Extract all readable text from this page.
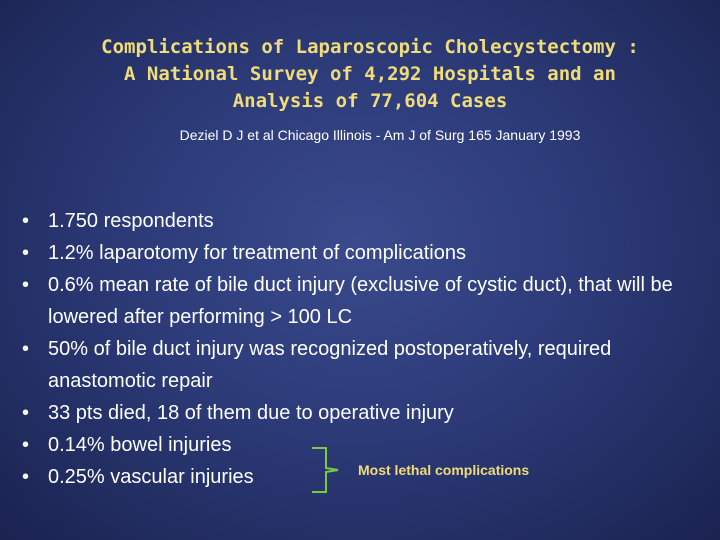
Complications of Laparoscopic Cholecystectomy :
A National Survey of 4,292 Hospitals and an
Analysis of 77,604 Cases
Deziel D J et al Chicago Illinois - Am J of Surg 165 January 1993
• 1.750 respondents
• 1.2% laparotomy for treatment of complications
• 0.6% mean rate of bile duct injury (exclusive of cystic duct), that will be lowered after performing > 100 LC
• 50% of bile duct injury was recognized postoperatively, required anastomotic repair
• 33 pts died, 18 of them due to operative injury
• 0.14% bowel injuries
• 0.25% vascular injuries	Most lethal complications
